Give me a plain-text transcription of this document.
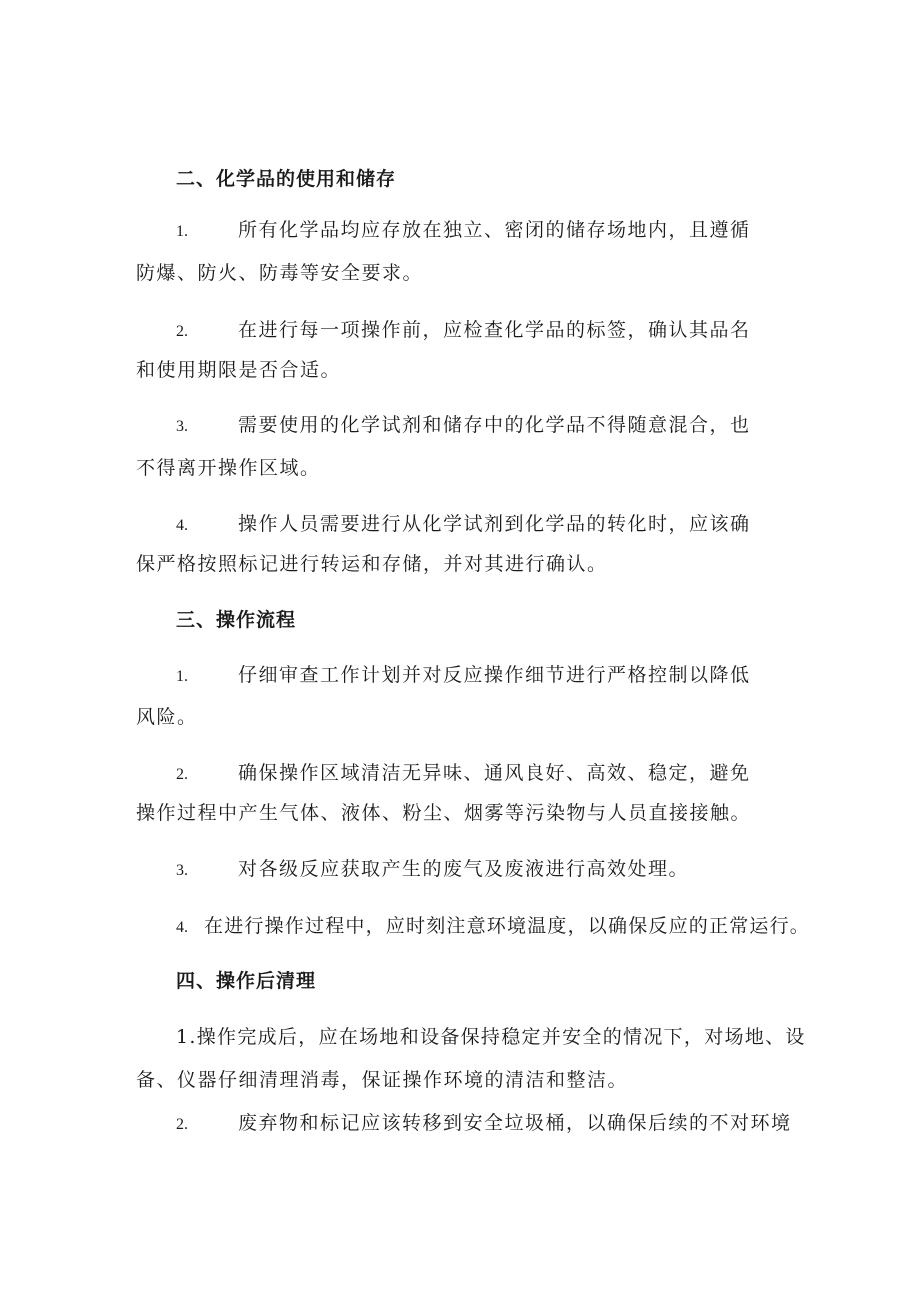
二、化学品的使用和储存
1.	所有化学品均应存放在独立、密闭的储存场地内，且遵循
防爆、防火、防毒等安全要求。
2.	在进行每一项操作前，应检查化学品的标签，确认其品名
和使用期限是否合适。
3.	需要使用的化学试剂和储存中的化学品不得随意混合，也
不得离开操作区域。
4.	操作人员需要进行从化学试剂到化学品的转化时，应该确
保严格按照标记进行转运和存储，并对其进行确认。
三、操作流程
1.	仔细审查工作计划并对反应操作细节进行严格控制以降低
风险。
2.	确保操作区域清洁无异味、通风良好、高效、稳定，避免
操作过程中产生气体、液体、粉尘、烟雾等污染物与人员直接接触。
3.	对各级反应获取产生的废气及废液进行高效处理。
4. 在进行操作过程中，应时刻注意环境温度，以确保反应的正常运行。
四、操作后清理
1.操作完成后，应在场地和设备保持稳定并安全的情况下，对场地、设
备、仪器仔细清理消毒，保证操作环境的清洁和整洁。
2.	废弃物和标记应该转移到安全垃圾桶，以确保后续的不对环境
